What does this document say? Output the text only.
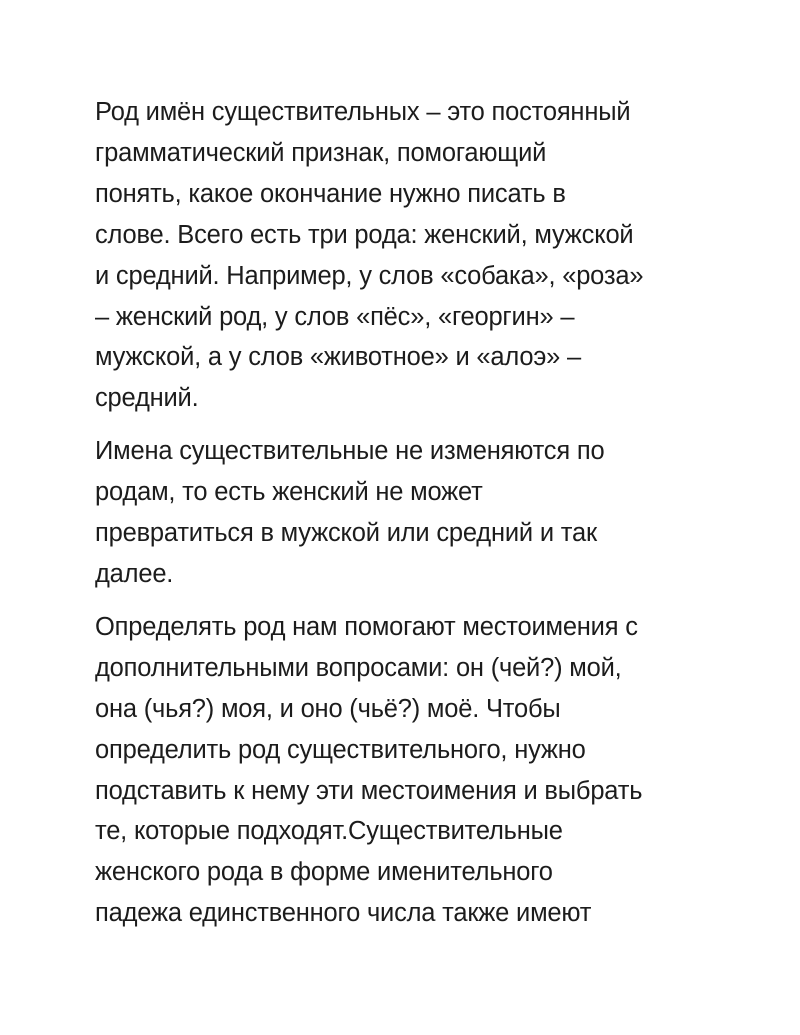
Род имён существительных – это постоянный
грамматический признак, помогающий
понять, какое окончание нужно писать в
слове. Всего есть три рода: женский, мужской
и средний. Например, у слов «собака», «роза»
– женский род, у слов «пёс», «георгин» –
мужской, а у слов «животное» и «алоэ» –
средний.

Имена существительные не изменяются по
родам, то есть женский не может
превратиться в мужской или средний и так
далее.

Определять род нам помогают местоимения с
дополнительными вопросами: он (чей?) мой,
она (чья?) моя, и оно (чьё?) моё. Чтобы
определить род существительного, нужно
подставить к нему эти местоимения и выбрать
те, которые подходят.Существительные
женского рода в форме именительного
падежа единственного числа также имеют
